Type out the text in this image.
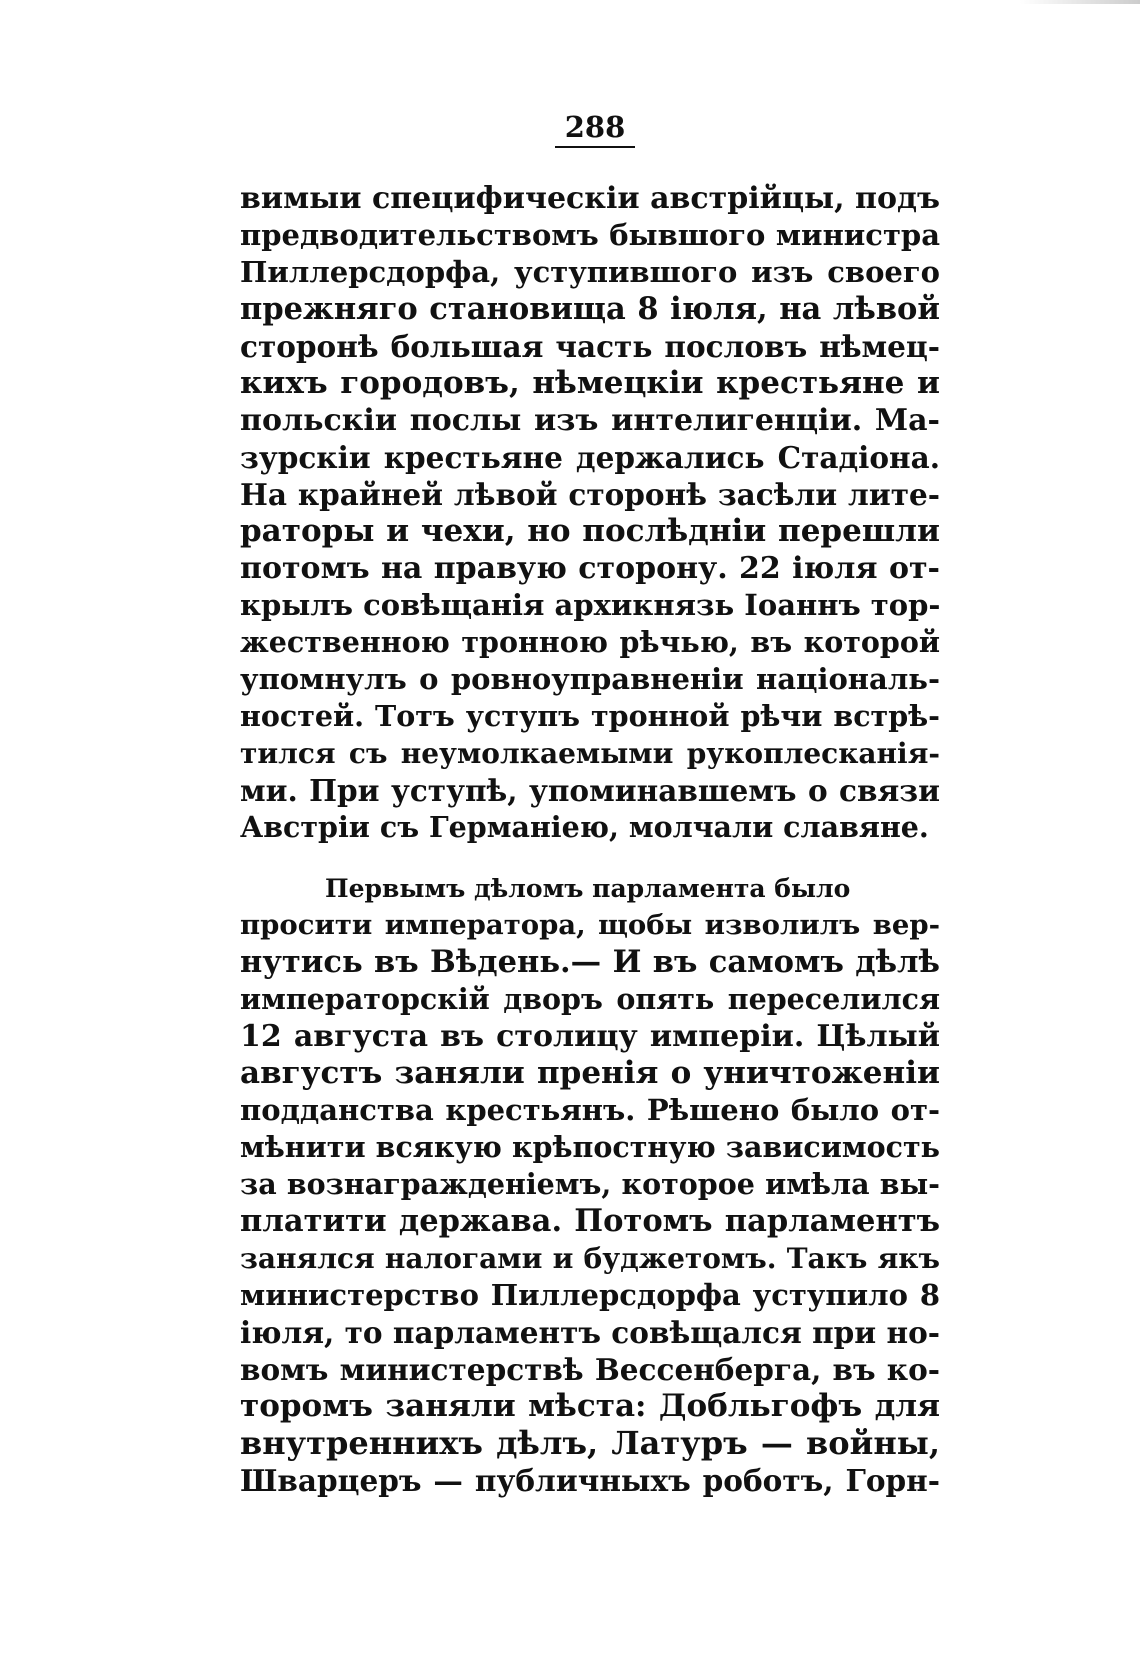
288
вимыи специфическіи австрійцы, подъ
предводительствомъ бывшого министра
Пиллерсдорфа, уступившого изъ своего
прежняго становища 8 іюля, на лѣвой
сторонѣ большая часть пословъ нѣмец-
кихъ городовъ, нѣмецкіи крестьяне и
польскіи послы изъ интелигенціи. Ма-
зурскіи крестьяне держались Стадіона.
На крайней лѣвой сторонѣ засѣли лите-
раторы и чехи, но послѣдніи перешли
потомъ на правую сторону. 22 іюля от-
крылъ совѣщанія архикнязь Іоаннъ тор-
жественною тронною рѣчью, въ которой
упомнулъ о ровноуправненіи національ-
ностей. Тотъ уступъ тронной рѣчи встрѣ-
тился съ неумолкаемыми рукоплесканія-
ми. При уступѣ, упоминавшемъ о связи
Австріи съ Германіею, молчали славяне.
Первымъ дѣломъ парламента было
просити императора, щобы изволилъ вер-
нутись въ Вѣдень.— И въ самомъ дѣлѣ
императорскій дворъ опять переселился
12 августа въ столицу имперіи. Цѣлый
августъ заняли пренія о уничтоженіи
подданства крестьянъ. Рѣшено было от-
мѣнити всякую крѣпостную зависимость
за вознагражденіемъ, которое имѣла вы-
платити держава. Потомъ парламентъ
занялся налогами и буджетомъ. Такъ якъ
министерство Пиллерсдорфа уступило 8
іюля, то парламентъ совѣщался при но-
вомъ министерствѣ Вессенберга, въ ко-
торомъ заняли мѣста: Добльгофъ для
внутреннихъ дѣлъ, Латуръ — войны,
Шварцеръ — публичныхъ роботъ, Горн-
